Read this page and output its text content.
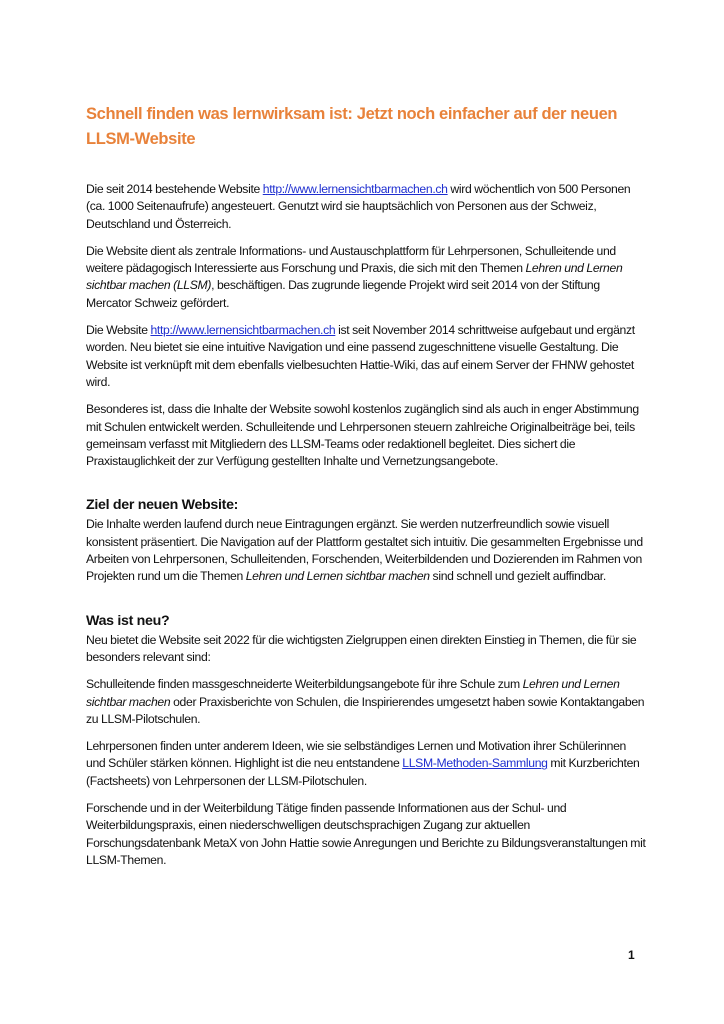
Schnell finden was lernwirksam ist: Jetzt noch einfacher auf der neuen LLSM-Website

Die seit 2014 bestehende Website http://www.lernensichtbarmachen.ch wird wöchentlich von 500 Personen (ca. 1000 Seitenaufrufe) angesteuert. Genutzt wird sie hauptsächlich von Personen aus der Schweiz, Deutschland und Österreich.

Die Website dient als zentrale Informations- und Austauschplattform für Lehrpersonen, Schulleitende und weitere pädagogisch Interessierte aus Forschung und Praxis, die sich mit den Themen Lehren und Lernen sichtbar machen (LLSM), beschäftigen. Das zugrunde liegende Projekt wird seit 2014 von der Stiftung Mercator Schweiz gefördert.

Die Website http://www.lernensichtbarmachen.ch ist seit November 2014 schrittweise aufgebaut und ergänzt worden. Neu bietet sie eine intuitive Navigation und eine passend zugeschnittene visuelle Gestaltung. Die Website ist verknüpft mit dem ebenfalls vielbesuchten Hattie-Wiki, das auf einem Server der FHNW gehostet wird.

Besonderes ist, dass die Inhalte der Website sowohl kostenlos zugänglich sind als auch in enger Abstimmung mit Schulen entwickelt werden. Schulleitende und Lehrpersonen steuern zahlreiche Originalbeiträge bei, teils gemeinsam verfasst mit Mitgliedern des LLSM-Teams oder redaktionell begleitet. Dies sichert die Praxistauglichkeit der zur Verfügung gestellten Inhalte und Vernetzungsangebote.

Ziel der neuen Website:

Die Inhalte werden laufend durch neue Eintragungen ergänzt. Sie werden nutzerfreundlich sowie visuell konsistent präsentiert. Die Navigation auf der Plattform gestaltet sich intuitiv. Die gesammelten Ergebnisse und Arbeiten von Lehrpersonen, Schulleitenden, Forschenden, Weiterbildenden und Dozierenden im Rahmen von Projekten rund um die Themen Lehren und Lernen sichtbar machen sind schnell und gezielt auffindbar.

Was ist neu?

Neu bietet die Website seit 2022 für die wichtigsten Zielgruppen einen direkten Einstieg in Themen, die für sie besonders relevant sind:

Schulleitende finden massgeschneiderte Weiterbildungsangebote für ihre Schule zum Lehren und Lernen sichtbar machen oder Praxisberichte von Schulen, die Inspirierendes umgesetzt haben sowie Kontaktangaben zu LLSM-Pilotschulen.

Lehrpersonen finden unter anderem Ideen, wie sie selbständiges Lernen und Motivation ihrer Schülerinnen und Schüler stärken können. Highlight ist die neu entstandene LLSM-Methoden-Sammlung mit Kurzberichten (Factsheets) von Lehrpersonen der LLSM-Pilotschulen.

Forschende und in der Weiterbildung Tätige finden passende Informationen aus der Schul- und Weiterbildungspraxis, einen niederschwelligen deutschsprachigen Zugang zur aktuellen Forschungsdatenbank MetaX von John Hattie sowie Anregungen und Berichte zu Bildungsveranstaltungen mit LLSM-Themen.

1
